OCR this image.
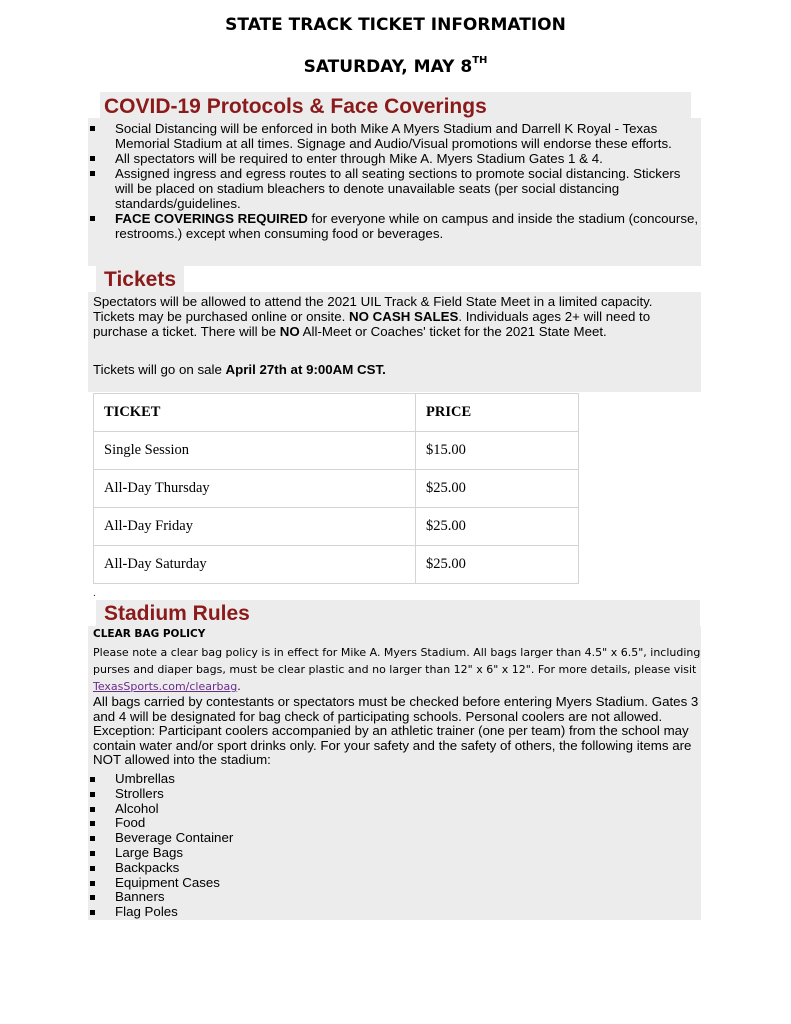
STATE TRACK TICKET INFORMATION
SATURDAY, MAY 8TH
COVID-19 Protocols & Face Coverings
Social Distancing will be enforced in both Mike A Myers Stadium and Darrell K Royal - Texas Memorial Stadium at all times. Signage and Audio/Visual promotions will endorse these efforts.
All spectators will be required to enter through Mike A. Myers Stadium Gates 1 & 4.
Assigned ingress and egress routes to all seating sections to promote social distancing. Stickers will be placed on stadium bleachers to denote unavailable seats (per social distancing standards/guidelines.
FACE COVERINGS REQUIRED for everyone while on campus and inside the stadium (concourse, restrooms.) except when consuming food or beverages.
Tickets
Spectators will be allowed to attend the 2021 UIL Track & Field State Meet in a limited capacity. Tickets may be purchased online or onsite. NO CASH SALES. Individuals ages 2+ will need to purchase a ticket. There will be NO All-Meet or Coaches' ticket for the 2021 State Meet.
Tickets will go on sale April 27th at 9:00AM CST.
TICKET	PRICE
Single Session	$15.00
All-Day Thursday	$25.00
All-Day Friday	$25.00
All-Day Saturday	$25.00
.
Stadium Rules
CLEAR BAG POLICY
Please note a clear bag policy is in effect for Mike A. Myers Stadium. All bags larger than 4.5" x 6.5", including purses and diaper bags, must be clear plastic and no larger than 12" x 6" x 12". For more details, please visit TexasSports.com/clearbag.
All bags carried by contestants or spectators must be checked before entering Myers Stadium. Gates 3 and 4 will be designated for bag check of participating schools. Personal coolers are not allowed. Exception: Participant coolers accompanied by an athletic trainer (one per team) from the school may contain water and/or sport drinks only. For your safety and the safety of others, the following items are NOT allowed into the stadium:
Umbrellas
Strollers
Alcohol
Food
Beverage Container
Large Bags
Backpacks
Equipment Cases
Banners
Flag Poles
